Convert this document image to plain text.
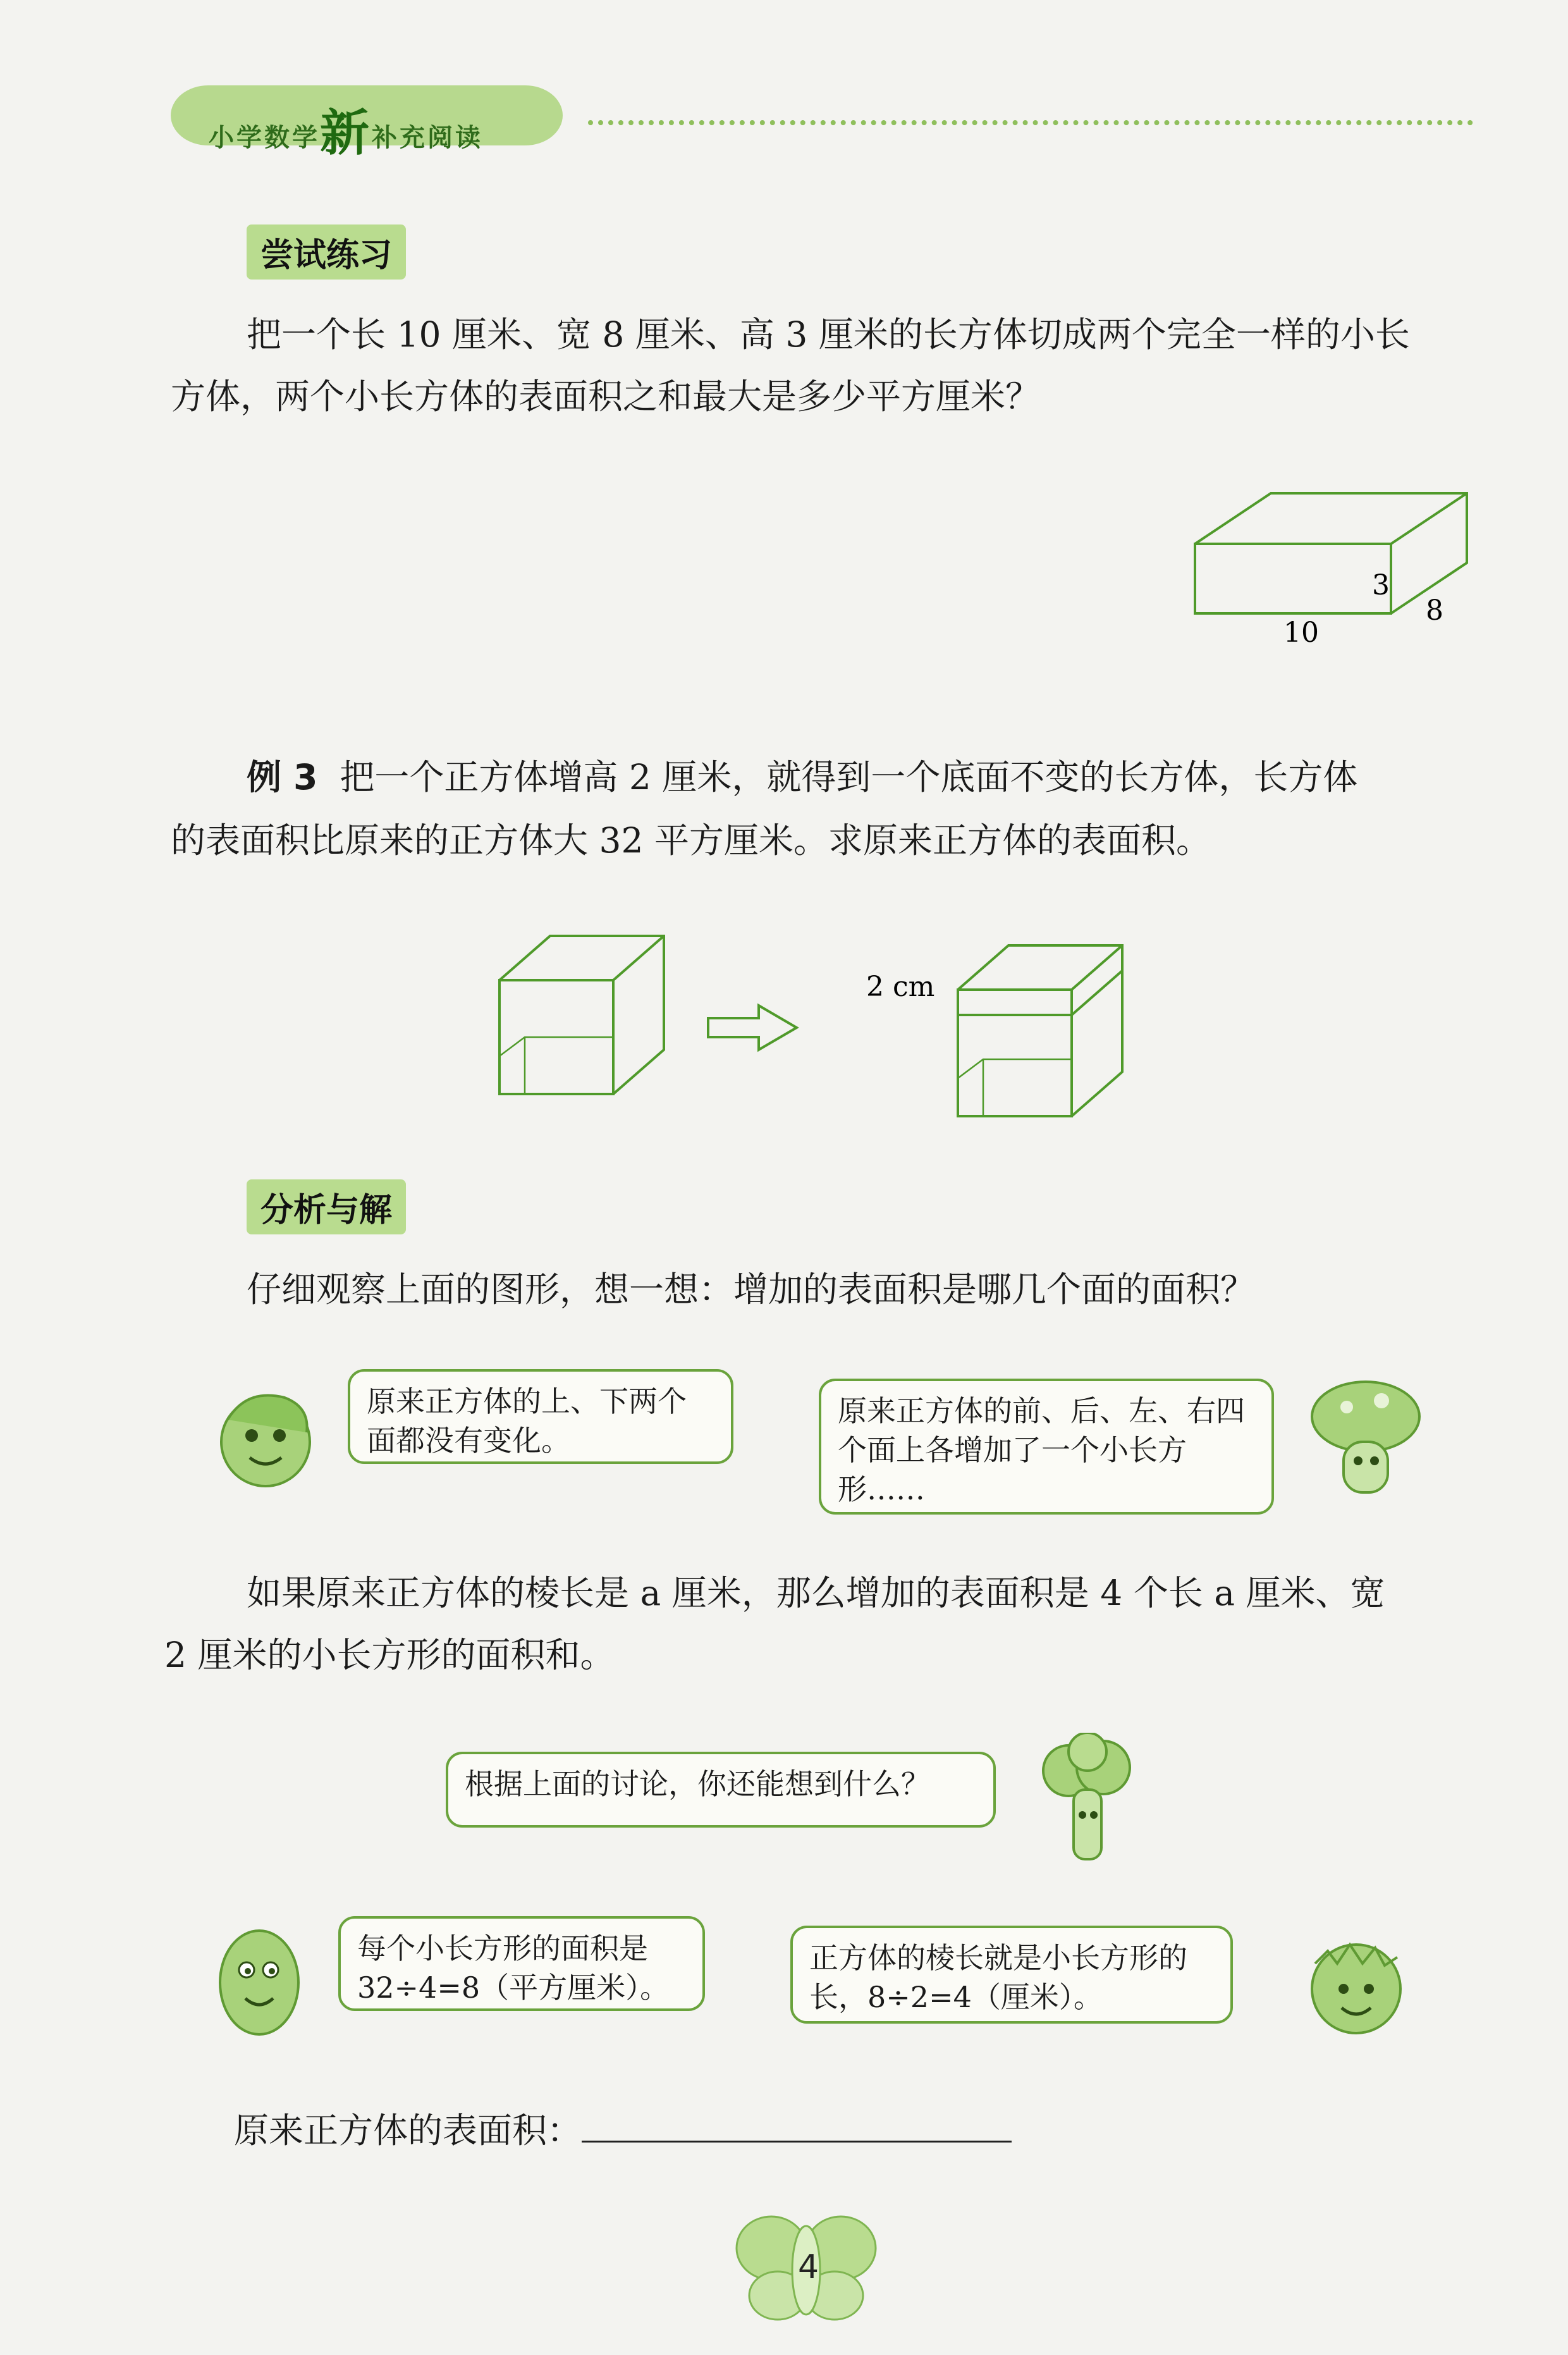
小学数学新补充阅读
尝试练习
把一个长 10 厘米、宽 8 厘米、高 3 厘米的长方体切成两个完全一样的小长
方体，两个小长方体的表面积之和最大是多少平方厘米？
10
8
3
例 3 把一个正方体增高 2 厘米，就得到一个底面不变的长方体，长方体
的表面积比原来的正方体大 32 平方厘米。求原来正方体的表面积。
2 cm
分析与解
仔细观察上面的图形，想一想：增加的表面积是哪几个面的面积？
原来正方体的上、下两个面都没有变化。
原来正方体的前、后、左、右四个面上各增加了一个小长方形……
如果原来正方体的棱长是 a 厘米，那么增加的表面积是 4 个长 a 厘米、宽
2 厘米的小长方形的面积和。
根据上面的讨论，你还能想到什么？
每个小长方形的面积是 32÷4=8（平方厘米）。
正方体的棱长就是小长方形的长，8÷2=4（厘米）。
原来正方体的表面积：
4
